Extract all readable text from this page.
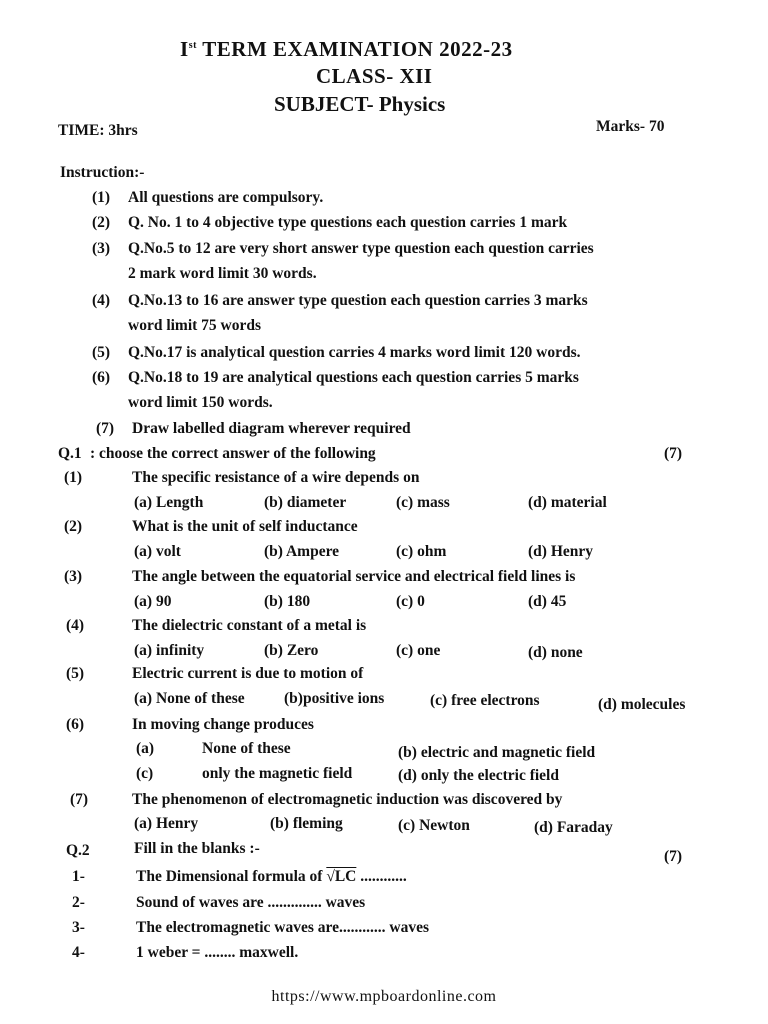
Ist TERM EXAMINATION 2022-23
CLASS- XII
SUBJECT- Physics
TIME: 3hrs	Marks- 70
Instruction:-
(1) All questions are compulsory.
(2) Q. No. 1 to 4 objective type questions each question carries 1 mark
(3) Q.No.5 to 12 are very short answer type question each question carries
2 mark word limit 30 words.
(4) Q.No.13 to 16 are answer type question each question carries 3 marks
word limit 75 words
(5) Q.No.17 is analytical question carries 4 marks word limit 120 words.
(6) Q.No.18 to 19 are analytical questions each question carries 5 marks
word limit 150 words.
(7) Draw labelled diagram wherever required
Q.1 : choose the correct answer of the following	(7)
(1)	The specific resistance of a wire depends on
(a) Length	(b) diameter	(c) mass	(d) material
(2)	What is the unit of self inductance
(a) volt	(b) Ampere	(c) ohm	(d) Henry
(3)	The angle between the equatorial service and electrical field lines is
(a) 90	(b) 180	(c) 0	(d) 45
(4)	The dielectric constant of a metal is
(a) infinity	(b) Zero	(c) one	(d) none
(5)	Electric current is due to motion of
(a) None of these	(b)positive ions	(c) free electrons	(d) molecules
(6)	In moving change produces
(a)	None of these	(b) electric and magnetic field
(c)	only the magnetic field	(d) only the electric field
(7)	The phenomenon of electromagnetic induction was discovered by
(a) Henry	(b) fleming	(c) Newton	(d) Faraday
Q.2	Fill in the blanks :-	(7)
1-	The Dimensional formula of √LC ............
2-	Sound of waves are .............. waves
3-	The electromagnetic waves are............ waves
4-	1 weber = ........ maxwell.
https://www.mpboardonline.com
